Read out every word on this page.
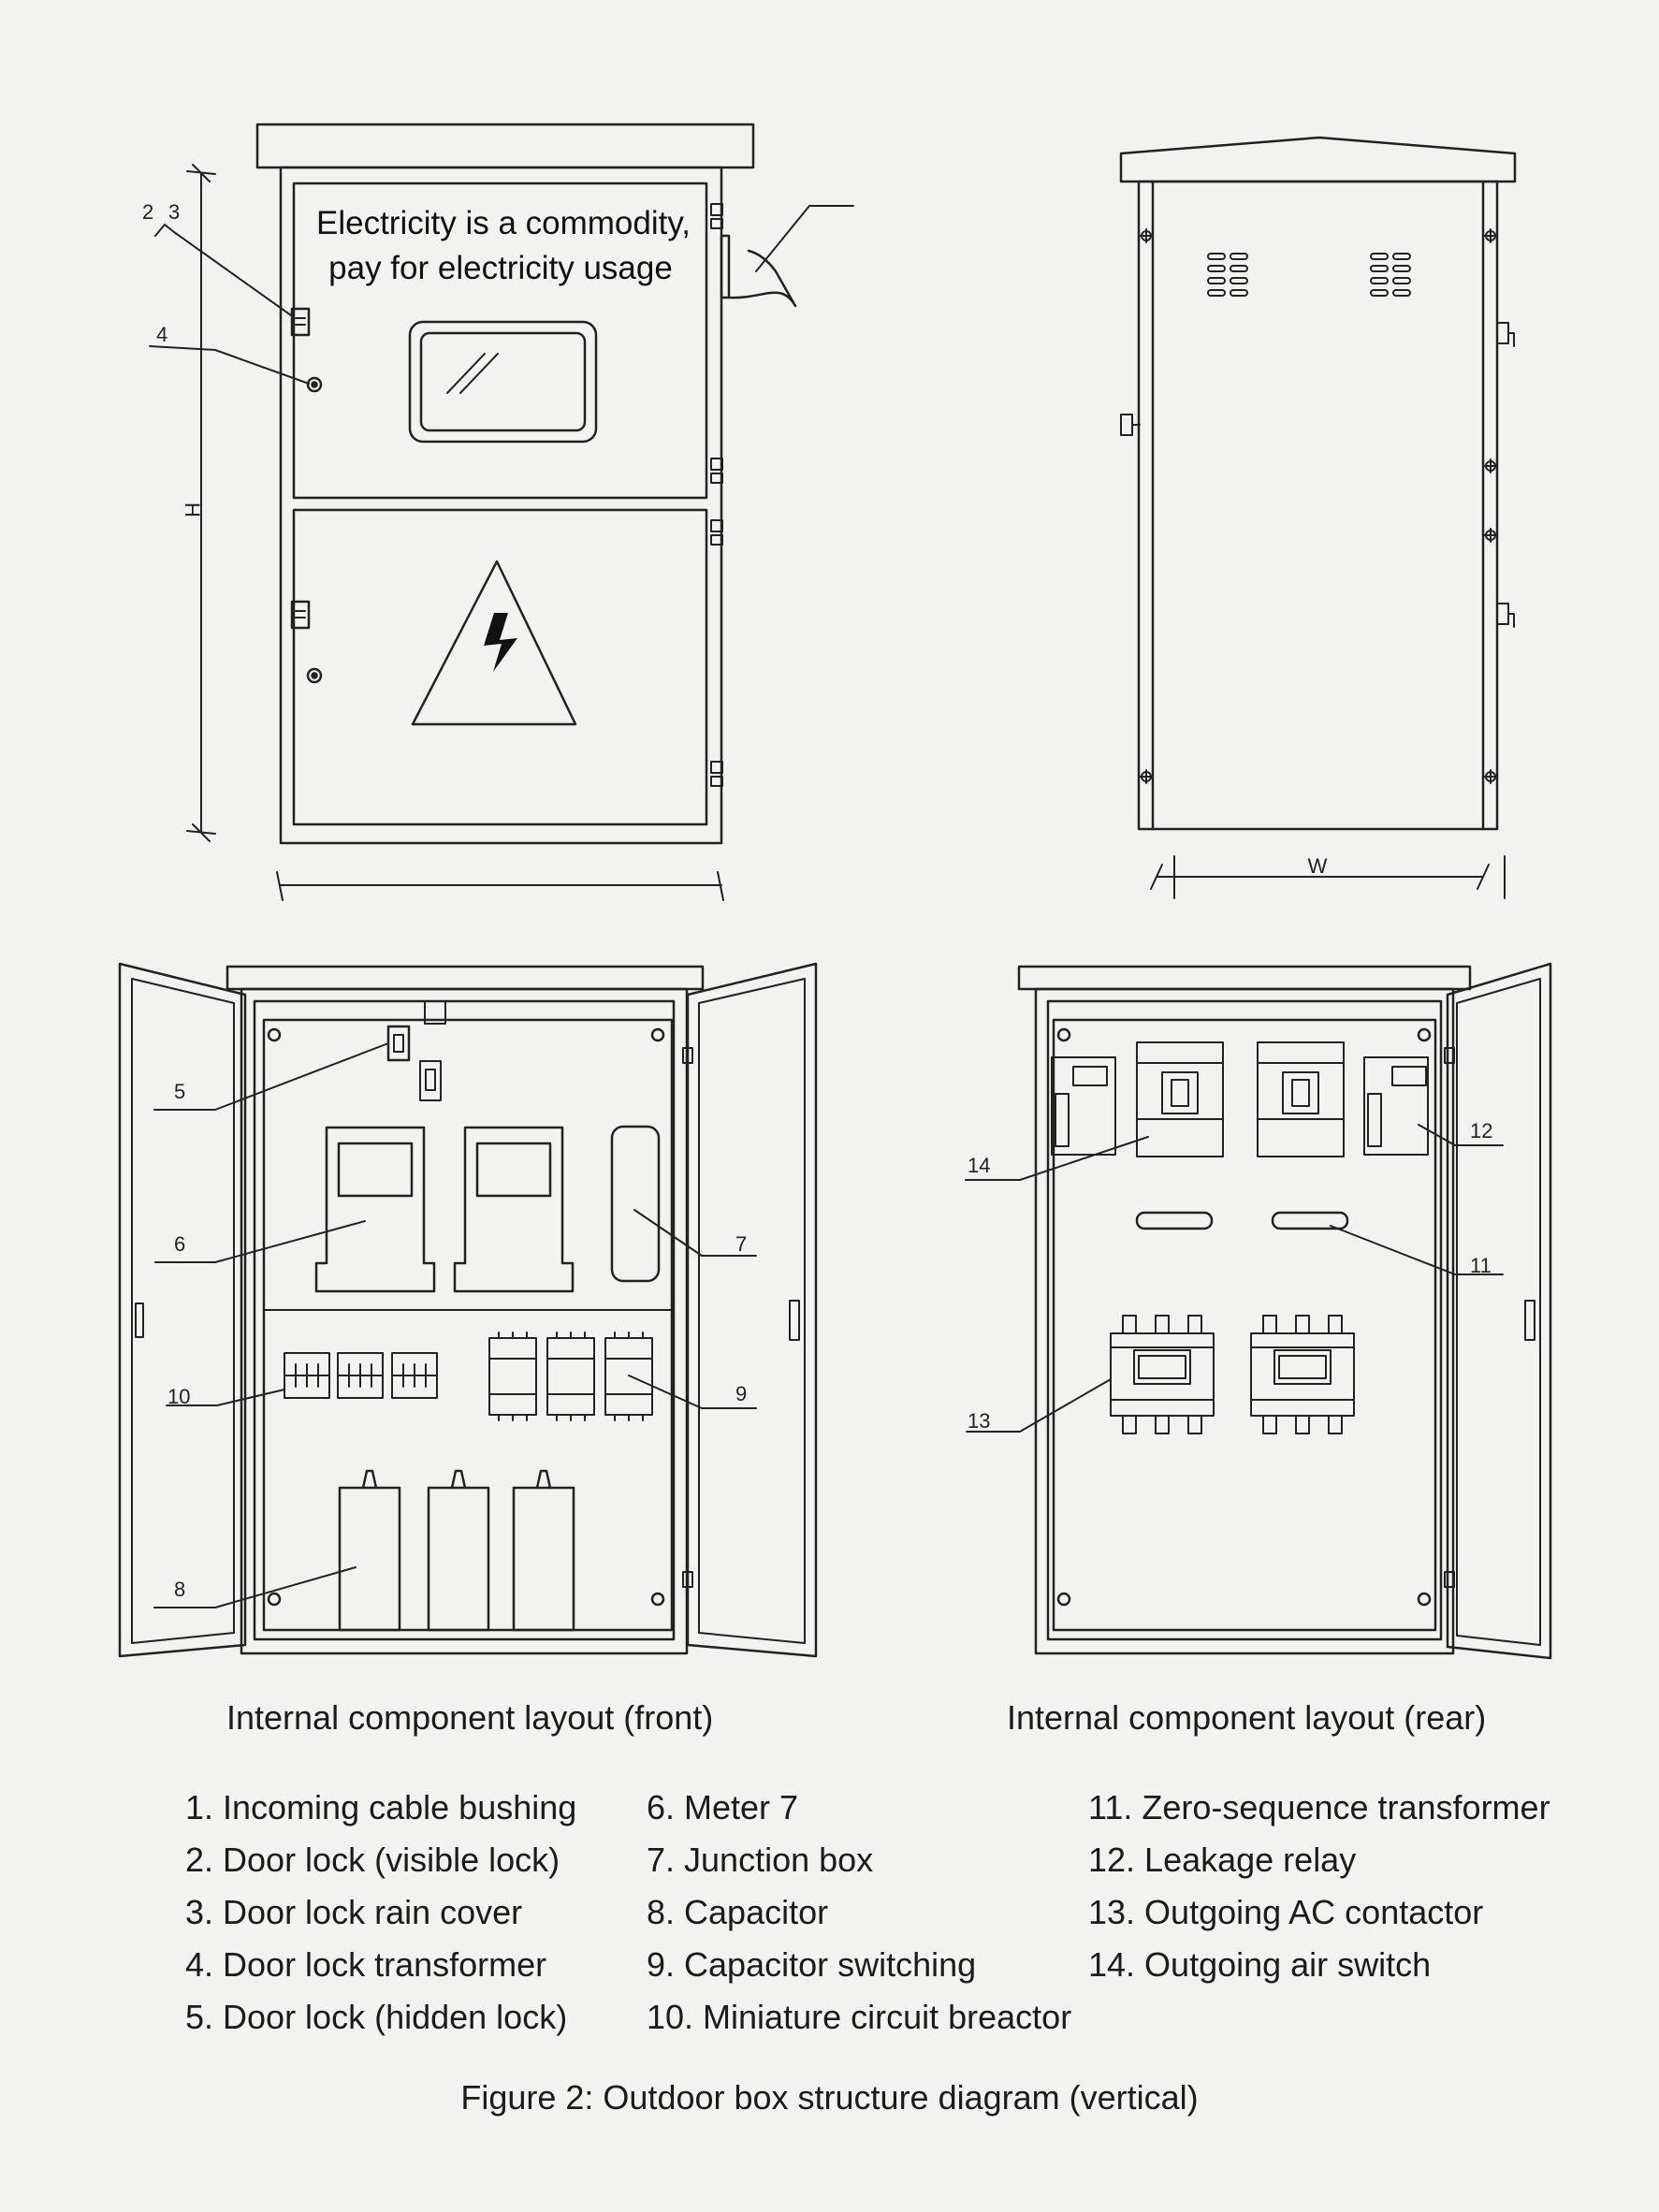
Electricity is a commodity,
pay for electricity usage
H
2 3
4
W
5
6	7
10	9
8
14
12
11
13
Internal component layout (front)	Internal component layout (rear)
1. Incoming cable bushing
2. Door lock (visible lock)
3. Door lock rain cover
4. Door lock transformer
5. Door lock (hidden lock)
6. Meter 7
7. Junction box
8. Capacitor
9. Capacitor switching
10. Miniature circuit breactor
11. Zero-sequence transformer
12. Leakage relay
13. Outgoing AC contactor
14. Outgoing air switch
Figure 2: Outdoor box structure diagram (vertical)
